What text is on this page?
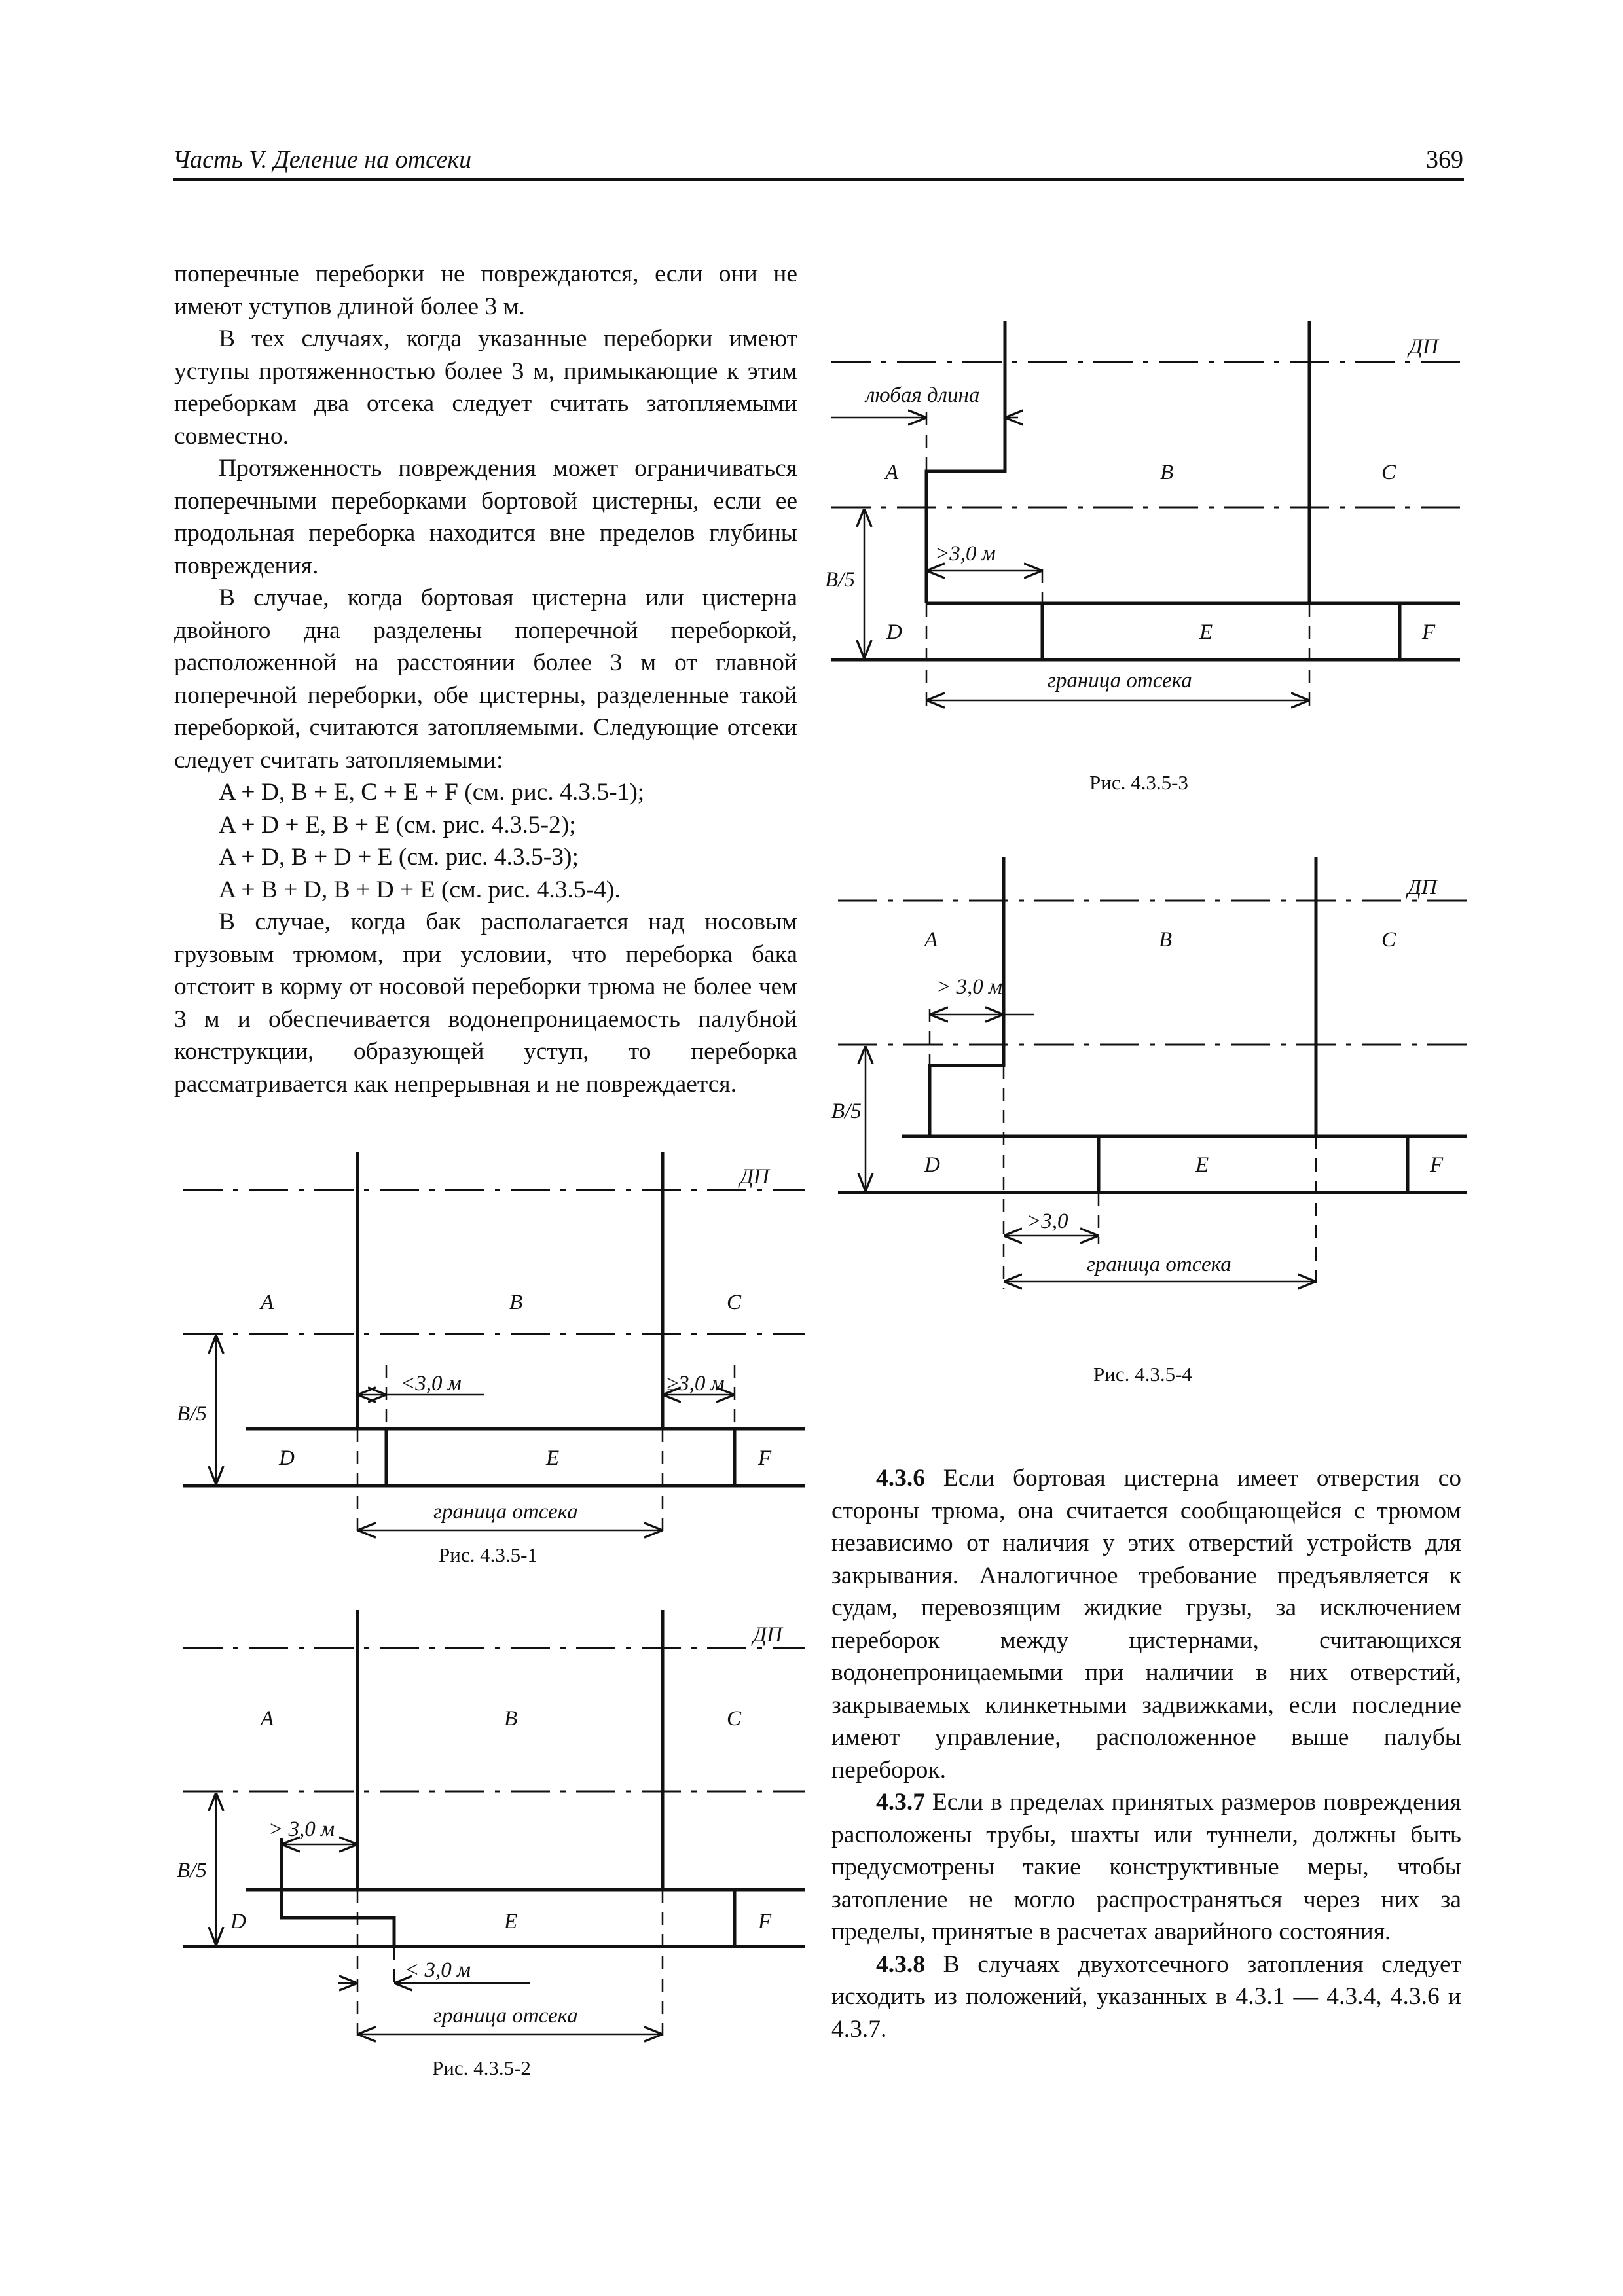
Часть V. Деление на отсеки	369

поперечные переборки не повреждаются, если они не имеют уступов длиной более 3 м.

В тех случаях, когда указанные переборки имеют уступы протяженностью более 3 м, примыкающие к этим переборкам два отсека следует считать затопляемыми совместно.

Протяженность повреждения может ограничиваться поперечными переборками бортовой цистерны, если ее продольная переборка находится вне пределов глубины повреждения.

В случае, когда бортовая цистерна или цистерна двойного дна разделены поперечной переборкой, расположенной на расстоянии более 3 м от главной поперечной переборки, обе цистерны, разделенные такой переборкой, считаются затопляемыми. Следующие отсеки следует считать затопляемыми:

A + D, B + E, C + E + F (см. рис. 4.3.5-1);

A + D + E, B + E (см. рис. 4.3.5-2);

A + D, B + D + E (см. рис. 4.3.5-3);

A + B + D, B + D + E (см. рис. 4.3.5-4).

В случае, когда бак располагается над носовым грузовым трюмом, при условии, что переборка бака отстоит в корму от носовой переборки трюма не более чем 3 м и обеспечивается водонепроницаемость палубной конструкции, образующей уступ, то переборка рассматривается как непрерывная и не повреждается.

4.3.6 Если бортовая цистерна имеет отверстия со стороны трюма, она считается сообщающейся с трюмом независимо от наличия у этих отверстий устройств для закрывания. Аналогичное требование предъявляется к судам, перевозящим жидкие грузы, за исключением переборок между цистернами, считающихся водонепроницаемыми при наличии в них отверстий, закрываемых клинкетными задвижками, если последние имеют управление, расположенное выше палубы переборок.

4.3.7 Если в пределах принятых размеров повреждения расположены трубы, шахты или туннели, должны быть предусмотрены такие конструктивные меры, чтобы затопление не могло распространяться через них за пределы, принятые в расчетах аварийного состояния.

4.3.8 В случаях двухотсечного затопления следует исходить из положений, указанных в 4.3.1 — 4.3.4, 4.3.6 и 4.3.7.

ДП
A	B	C
D	E	F
B/5
<3,0 м	≥3,0 м
граница отсека
Рис. 4.3.5-1
ДП
A	B	C
D	E	F
B/5
> 3,0 м
< 3,0 м
граница отсека
Рис. 4.3.5-2
ДП
любая длина
A	B	C
D	E	F
B/5
>3,0 м
граница отсека
Рис. 4.3.5-3
ДП
A	B	C
D	E	F
B/5
> 3,0 м
>3,0
граница отсека
Рис. 4.3.5-4
